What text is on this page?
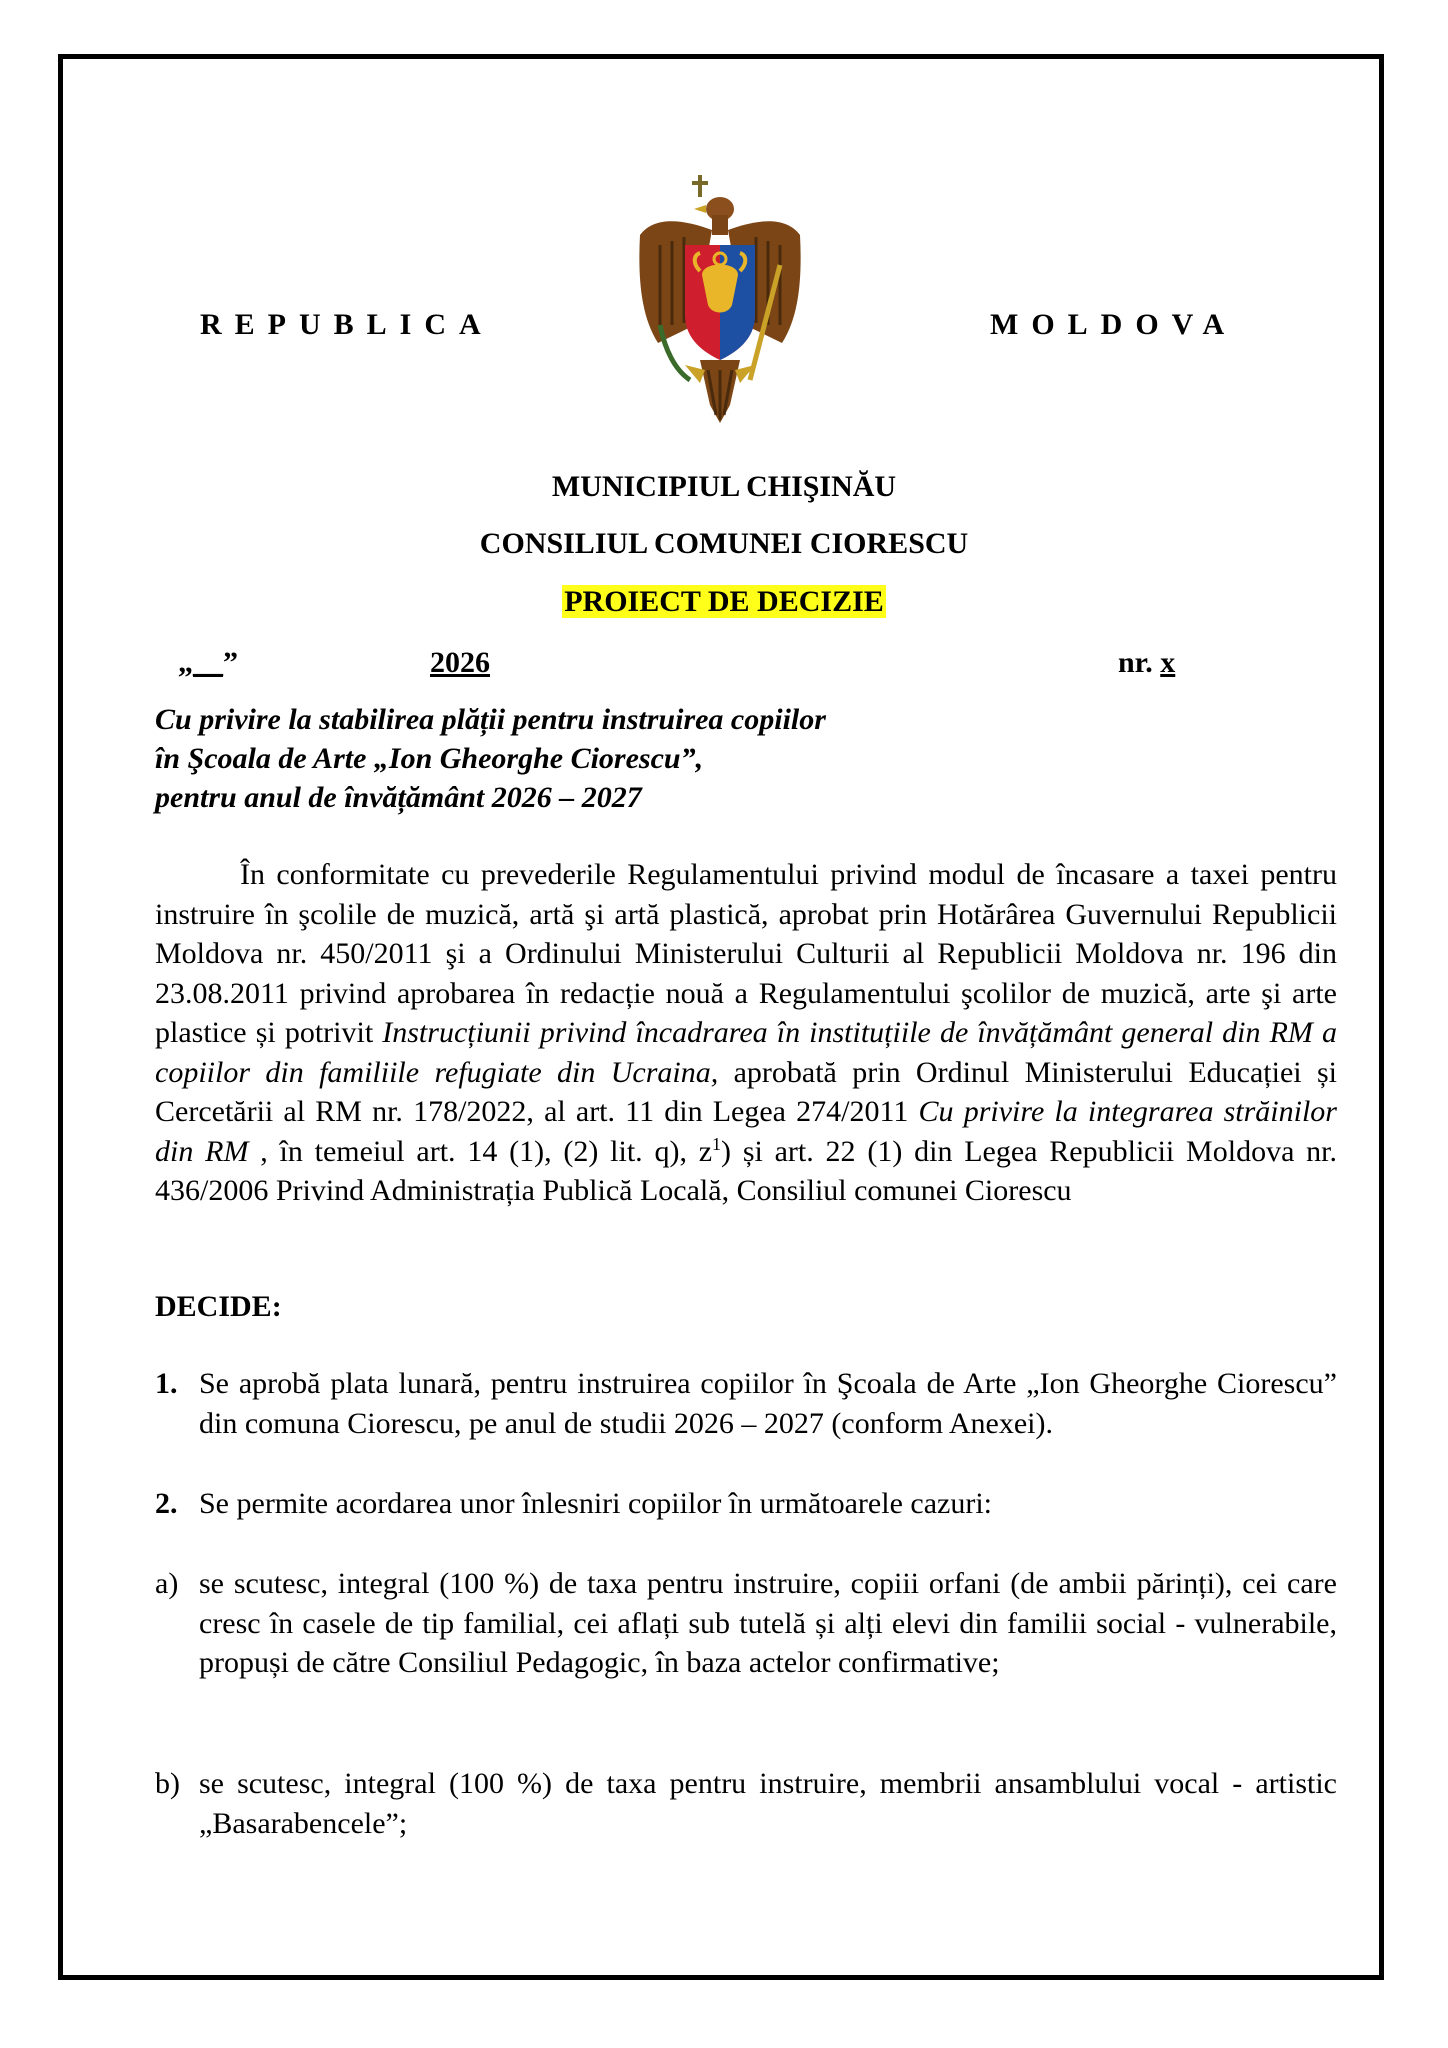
REPUBLICA	MOLDOVA
MUNICIPIUL CHIŞINĂU
CONSILIUL COMUNEI CIORESCU
PROIECT DE DECIZIE
„__”	2026	nr. x
Cu privire la stabilirea plății pentru instruirea copiilor
în Şcoala de Arte „Ion Gheorghe Ciorescu”,
pentru anul de învățământ 2026 – 2027
În conformitate cu prevederile Regulamentului privind modul de încasare a taxei pentru instruire în şcolile de muzică, artă şi artă plastică, aprobat prin Hotărârea Guvernului Republicii Moldova nr. 450/2011 şi a Ordinului Ministerului Culturii al Republicii Moldova nr. 196 din 23.08.2011 privind aprobarea în redacție nouă a Regulamentului şcolilor de muzică, arte şi arte plastice și potrivit Instrucțiunii privind încadrarea în instituțiile de învățământ general din RM a copiilor din familiile refugiate din Ucraina, aprobată prin Ordinul Ministerului Educației și Cercetării al RM nr. 178/2022, al art. 11 din Legea 274/2011 Cu privire la integrarea străinilor din RM , în temeiul art. 14 (1), (2) lit. q), $z^1$) și art. 22 (1) din Legea Republicii Moldova nr. 436/2006 Privind Administrația Publică Locală, Consiliul comunei Ciorescu
DECIDE:
1. Se aprobă plata lunară, pentru instruirea copiilor în Şcoala de Arte „Ion Gheorghe Ciorescu” din comuna Ciorescu, pe anul de studii 2026 – 2027 (conform Anexei).
2. Se permite acordarea unor înlesniri copiilor în următoarele cazuri:
a) se scutesc, integral (100 %) de taxa pentru instruire, copiii orfani (de ambii părinți), cei care cresc în casele de tip familial, cei aflați sub tutelă și alți elevi din familii social - vulnerabile, propuși de către Consiliul Pedagogic, în baza actelor confirmative;
b) se scutesc, integral (100 %) de taxa pentru instruire, membrii ansamblului vocal - artistic „Basarabencele”;
